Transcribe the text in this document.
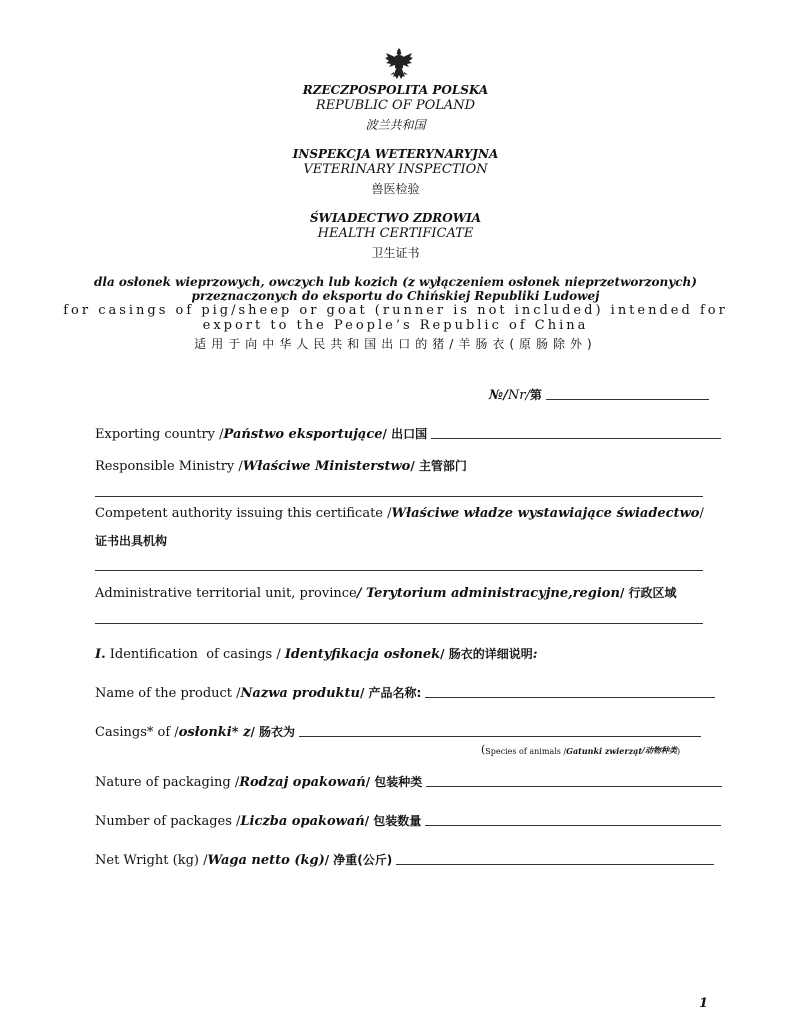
RZECZPOSPOLITA POLSKA
REPUBLIC OF POLAND
波兰共和国
INSPEKCJA WETERYNARYJNA
VETERINARY INSPECTION
兽医检验
ŚWIADECTWO ZDROWIA
HEALTH CERTIFICATE
卫生证书
dla osłonek wieprzowych, owczych lub kozich (z wyłączeniem osłonek nieprzetworzonych)
przeznaczonych do eksportu do Chińskiej Republiki Ludowej
for casings of pig/sheep or goat (runner is not included) intended for
export to the People’s Republic of China
适用于向中华人民共和国出口的猪/羊肠衣(原肠除外)
№/ Nr/ 第
Exporting country / Państwo eksportujące / 出口国
Responsible Ministry / Właściwe Ministerstwo / 主管部门
Competent authority issuing this certificate / Właściwe władze wystawiające świadectwo /
证书出具机构
Administrative territorial unit, province / Terytorium administracyjne,region / 行政区域
I. Identification  of casings / Identyfikacja osłonek / 肠衣的详细说明 :
Name of the product / Nazwa produktu / 产品名称:
Casings* of / osłonki* z / 肠衣为
( Species of animals / Gatunki zwierząt /动物种类 )
Nature of packaging / Rodzaj opakowań / 包装种类
Number of packages / Liczba opakowań / 包装数量
Net Wright (kg) / Waga netto (kg) / 净重(公斤)
1
